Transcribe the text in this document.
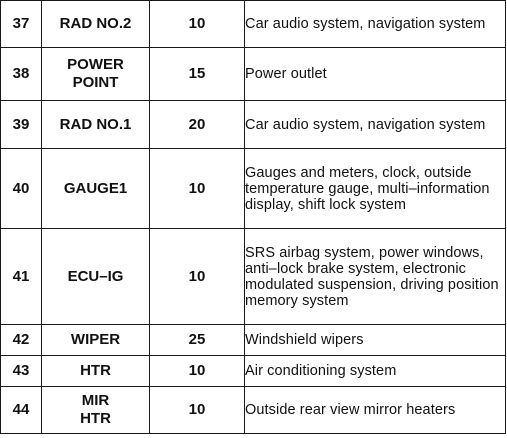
37	RAD NO.2	10	Car audio system, navigation system
38	POWER POINT	15	Power outlet
39	RAD NO.1	20	Car audio system, navigation system
40	GAUGE1	10	Gauges and meters, clock, outside temperature gauge, multi–information display, shift lock system
41	ECU–IG	10	SRS airbag system, power windows, anti–lock brake system, electronic modulated suspension, driving position memory system
42	WIPER	25	Windshield wipers
43	HTR	10	Air conditioning system
44	MIR HTR	10	Outside rear view mirror heaters
